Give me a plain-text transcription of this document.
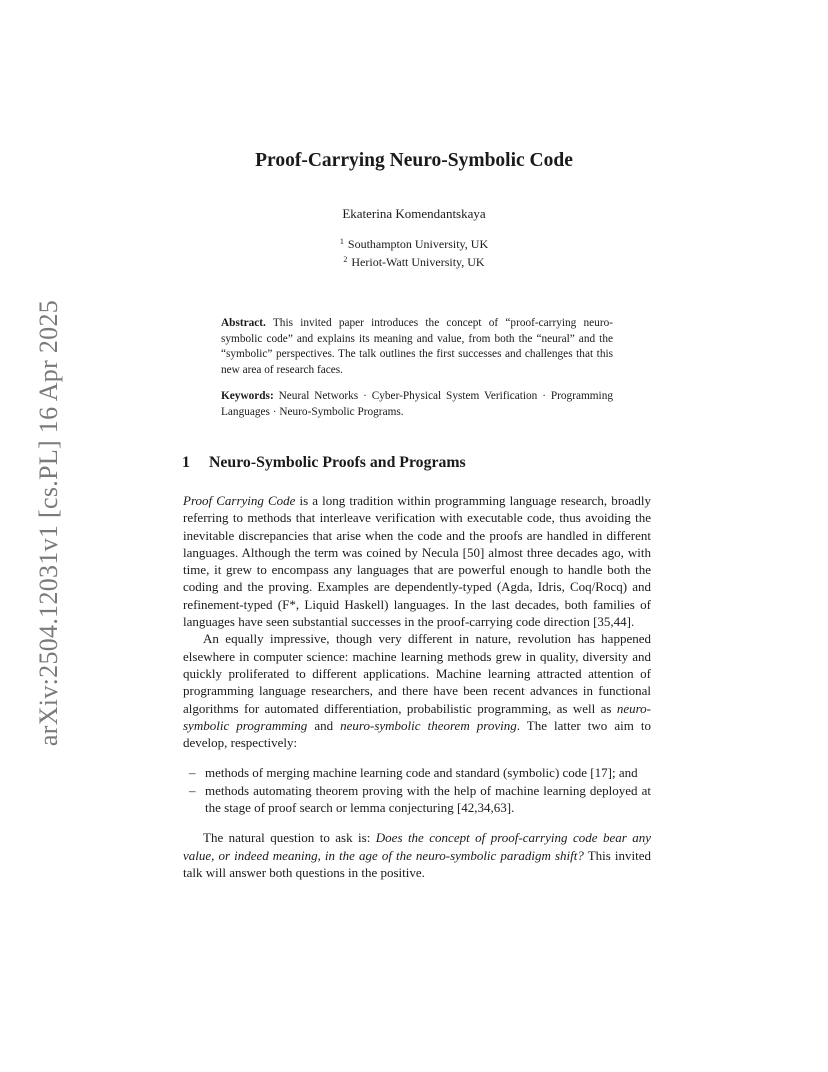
arXiv:2504.12031v1 [cs.PL] 16 Apr 2025
Proof-Carrying Neuro-Symbolic Code
Ekaterina Komendantskaya
$^1$ Southampton University, UK
$^2$ Heriot-Watt University, UK

Abstract. This invited paper introduces the concept of “proof-carrying neuro-symbolic code” and explains its meaning and value, from both the “neural” and the “symbolic” perspectives. The talk outlines the first successes and challenges that this new area of research faces.

Keywords: Neural Networks · Cyber-Physical System Verification · Programming Languages · Neuro-Symbolic Programs.

1 Neuro-Symbolic Proofs and Programs

Proof Carrying Code is a long tradition within programming language research, broadly referring to methods that interleave verification with executable code, thus avoiding the inevitable discrepancies that arise when the code and the proofs are handled in different languages. Although the term was coined by Necula [50] almost three decades ago, with time, it grew to encompass any languages that are powerful enough to handle both the coding and the proving. Examples are dependently-typed (Agda, Idris, Coq/Rocq) and refinement-typed (F*, Liquid Haskell) languages. In the last decades, both families of languages have seen substantial successes in the proof-carrying code direction [35,44].

An equally impressive, though very different in nature, revolution has happened elsewhere in computer science: machine learning methods grew in quality, diversity and quickly proliferated to different applications. Machine learning attracted attention of programming language researchers, and there have been recent advances in functional algorithms for automated differentiation, probabilistic programming, as well as neuro-symbolic programming and neuro-symbolic theorem proving. The latter two aim to develop, respectively:

– methods of merging machine learning code and standard (symbolic) code [17]; and
– methods automating theorem proving with the help of machine learning deployed at the stage of proof search or lemma conjecturing [42,34,63].

The natural question to ask is: Does the concept of proof-carrying code bear any value, or indeed meaning, in the age of the neuro-symbolic paradigm shift? This invited talk will answer both questions in the positive.
